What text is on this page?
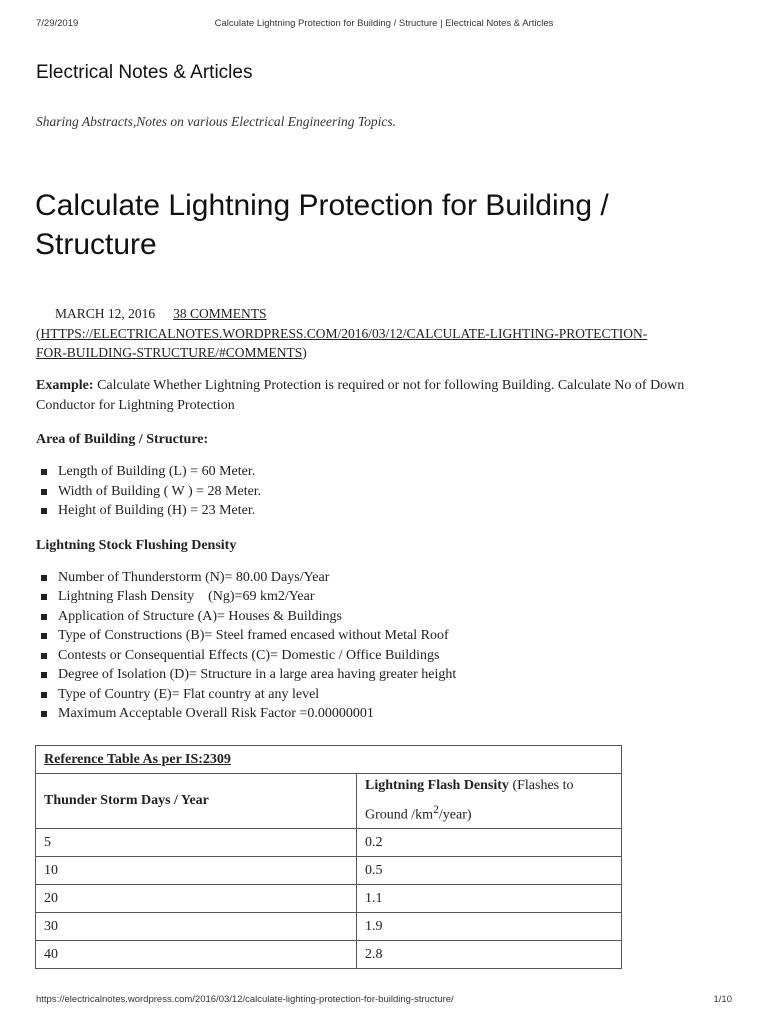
7/29/2019	Calculate Lightning Protection for Building / Structure | Electrical Notes & Articles
Electrical Notes & Articles
Sharing Abstracts,Notes on various Electrical Engineering Topics.
Calculate Lightning Protection for Building / Structure
MARCH 12, 2016 38 COMMENTS
(HTTPS://ELECTRICALNOTES.WORDPRESS.COM/2016/03/12/CALCULATE-LIGHTING-PROTECTION-
FOR-BUILDING-STRUCTURE/#COMMENTS)

Example: Calculate Whether Lightning Protection is required or not for following Building. Calculate No of Down Conductor for Lightning Protection

Area of Building / Structure:

Length of Building (L) = 60 Meter.
Width of Building ( W ) = 28 Meter.
Height of Building (H) = 23 Meter.

Lightning Stock Flushing Density

Number of Thunderstorm (N)= 80.00 Days/Year
Lightning Flash Density    (Ng)=69 km2/Year
Application of Structure (A)= Houses & Buildings
Type of Constructions (B)= Steel framed encased without Metal Roof
Contests or Consequential Effects (C)= Domestic / Office Buildings
Degree of Isolation (D)= Structure in a large area having greater height
Type of Country (E)= Flat country at any level
Maximum Acceptable Overall Risk Factor =0.00000001
Reference Table As per IS:2309	
Thunder Storm Days / Year	Lightning Flash Density (Flashes to Ground $/km^2/year$)
5	0.2
10	0.5
20	1.1
30	1.9
40	2.8
https://electricalnotes.wordpress.com/2016/03/12/calculate-lighting-protection-for-building-structure/	1/10
